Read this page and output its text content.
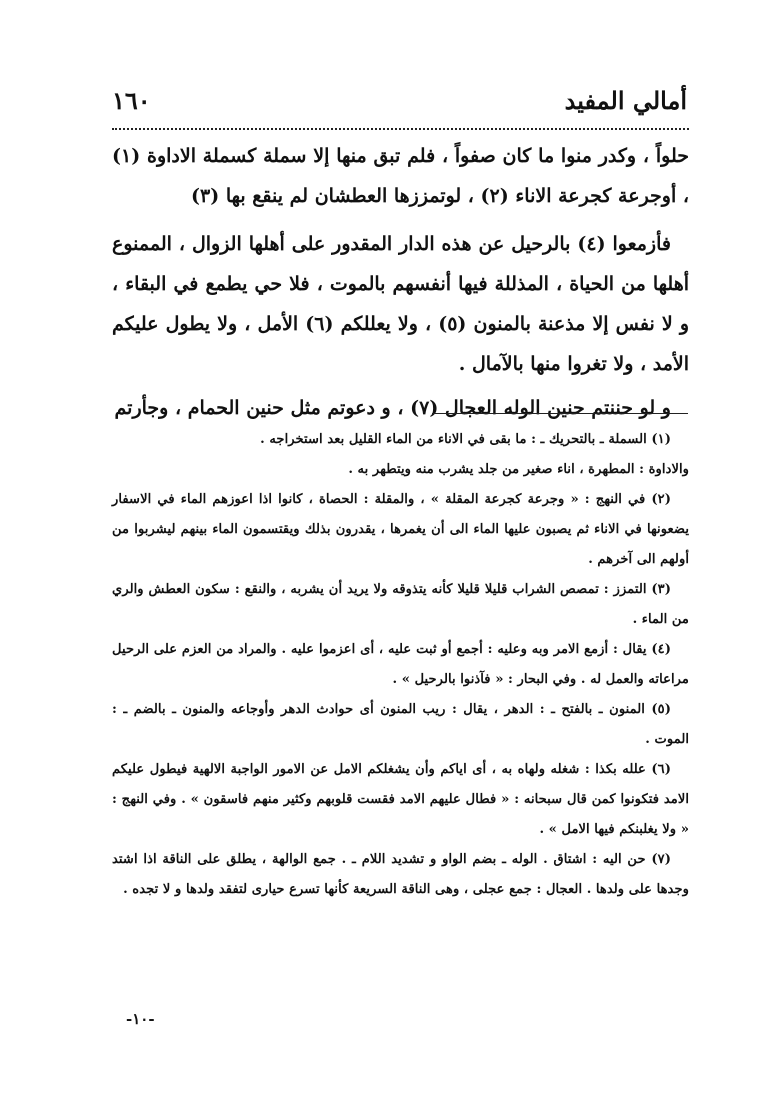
أمالي المفيد
١٦٠

حلواً ، وكدر منوا ما كان صفواً ، فلم تبق منها إلا سملة كسملة الاداوة (١) ، أوجرعة كجرعة الاناء (٢) ، لوتمززها العطشان لم ينقع بها (٣)

فأزمعوا (٤) بالرحيل عن هذه الدار المقدور على أهلها الزوال ، الممنوع أهلها من الحياة ، المذللة فيها أنفسهم بالموت ، فلا حي يطمع في البقاء ، و لا نفس إلا مذعنة بالمنون (٥) ، ولا يعللكم (٦) الأمل ، ولا يطول عليكم الأمد ، ولا تغروا منها بالآمال .

و لو حننتم حنين الوله العجال (٧) ، و دعوتم مثل حنين الحمام ، وجأرتم

(١) السملة ـ بالتحريك ـ : ما بقى في الاناء من الماء القليل بعد استخراجه .

والاداوة : المطهرة ، اناء صغير من جلد يشرب منه ويتطهر به .

(٢) في النهج : « وجرعة كجرعة المقلة » ، والمقلة : الحصاة ، كانوا اذا اعوزهم الماء في الاسفار يضعونها في الاناء ثم يصبون عليها الماء الى أن يغمرها ، يقدرون بذلك ويقتسمون الماء بينهم ليشربوا من أولهم الى آخرهم .

(٣) التمزز : تمصص الشراب قليلا قليلا كأنه يتذوقه ولا يريد أن يشربه ، والنقع : سكون العطش والري من الماء .

(٤) يقال : أزمع الامر وبه وعليه : أجمع أو ثبت عليه ، أى اعزموا عليه . والمراد من العزم على الرحيل مراعاته والعمل له . وفي البحار : « فآذنوا بالرحيل » .

(٥) المنون ـ بالفتح ـ : الدهر ، يقال : ريب المنون أى حوادث الدهر وأوجاعه والمنون ـ بالضم ـ : الموت .

(٦) علله بكذا : شغله ولهاه به ، أى اياكم وأن يشغلكم الامل عن الامور الواجبة الالهية فيطول عليكم الامد فتكونوا كمن قال سبحانه : « فطال عليهم الامد فقست قلوبهم وكثير منهم فاسقون » . وفي النهج : « ولا يغلبنكم فيها الامل » .

(٧) حن اليه : اشتاق . الوله ـ بضم الواو و تشديد اللام ـ . جمع الوالهة ، يطلق على الناقة اذا اشتد وجدها على ولدها . العجال : جمع عجلى ، وهى الناقة السريعة كأنها تسرع حيارى لتفقد ولدها و لا تجده .

-١٠-
